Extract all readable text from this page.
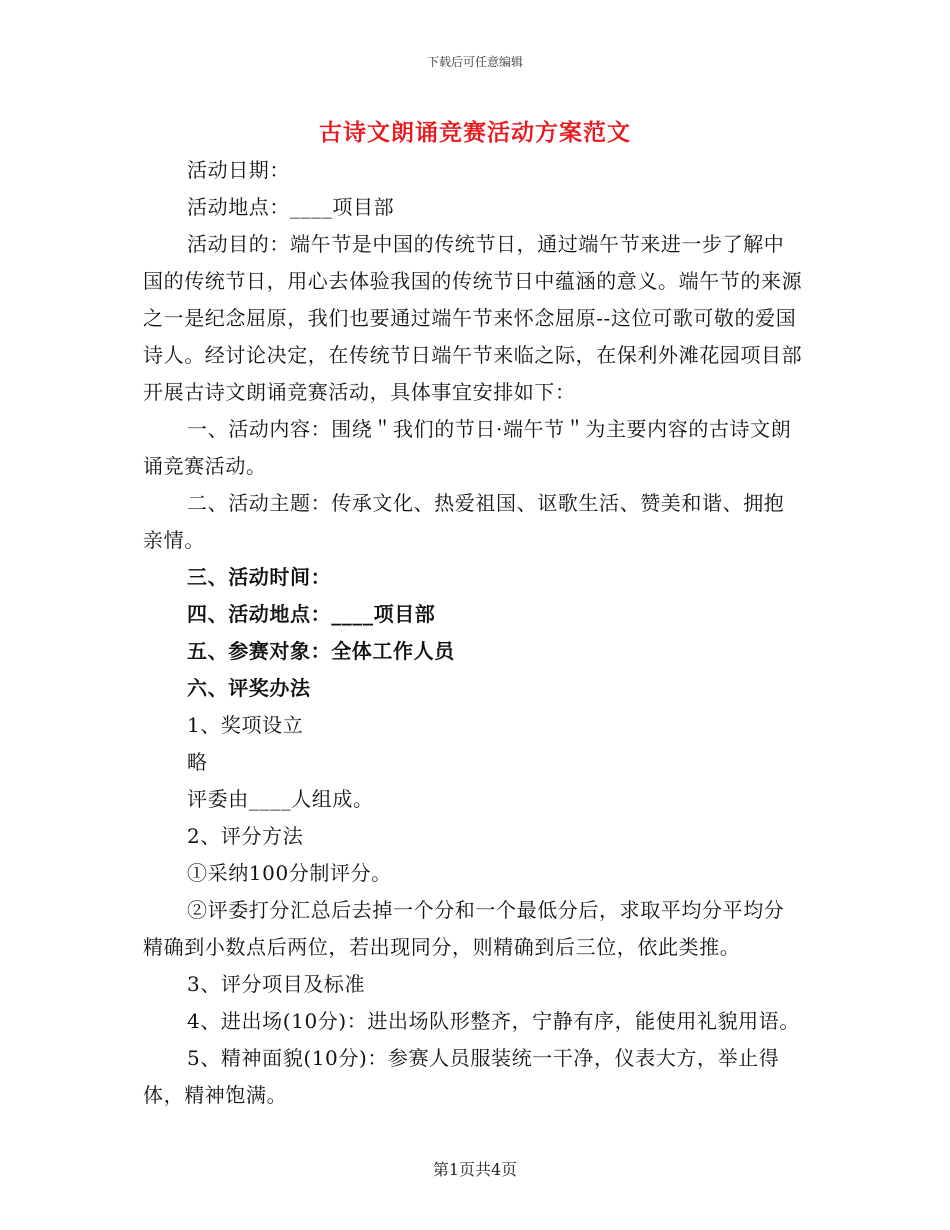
下载后可任意编辑
古诗文朗诵竞赛活动方案范文

活动日期：

活动地点：____项目部

活动目的：端午节是中国的传统节日，通过端午节来进一步了解中国的传统节日，用心去体验我国的传统节日中蕴涵的意义。端午节的来源之一是纪念屈原，我们也要通过端午节来怀念屈原--这位可歌可敬的爱国诗人。经讨论决定，在传统节日端午节来临之际，在保利外滩花园项目部开展古诗文朗诵竞赛活动，具体事宜安排如下：

一、活动内容：围绕＂我们的节日·端午节＂为主要内容的古诗文朗诵竞赛活动。

二、活动主题：传承文化、热爱祖国、讴歌生活、赞美和谐、拥抱亲情。

三、活动时间：

四、活动地点：____项目部

五、参赛对象：全体工作人员

六、评奖办法

1、奖项设立

略

评委由____人组成。

2、评分方法

①采纳100分制评分。

②评委打分汇总后去掉一个分和一个最低分后，求取平均分平均分精确到小数点后两位，若出现同分，则精确到后三位，依此类推。

3、评分项目及标准

4、进出场(10分)：进出场队形整齐，宁静有序，能使用礼貌用语。

5、精神面貌(10分)：参赛人员服装统一干净，仪表大方，举止得体，精神饱满。

第1页共4页
